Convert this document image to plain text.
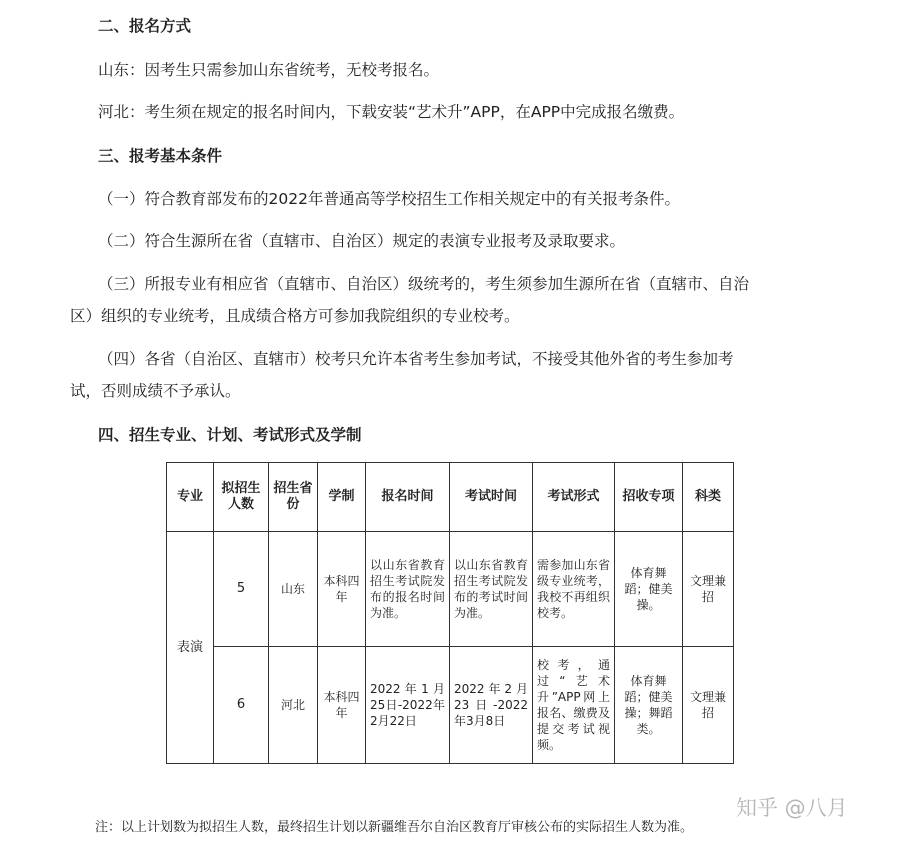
二、报名方式
山东：因考生只需参加山东省统考，无校考报名。
河北：考生须在规定的报名时间内，下载安装“艺术升”APP，在APP中完成报名缴费。
三、报考基本条件
（一）符合教育部发布的2022年普通高等学校招生工作相关规定中的有关报考条件。
（二）符合生源所在省（直辖市、自治区）规定的表演专业报考及录取要求。
（三）所报专业有相应省（直辖市、自治区）级统考的，考生须参加生源所在省（直辖市、自治
区）组织的专业统考，且成绩合格方可参加我院组织的专业校考。
（四）各省（自治区、直辖市）校考只允许本省考生参加考试，不接受其他外省的考生参加考
试，否则成绩不予承认。
四、招生专业、计划、考试形式及学制
专业	拟招生人数	招生省份	学制	报名时间	考试时间	考试形式	招收专项	科类
表演	5	山东	本科四年	以山东省教育招生考试院发布的报名时间为准。	以山东省教育招生考试院发布的考试时间为准。	需参加山东省级专业统考，我校不再组织校考。	体育舞蹈；健美操。	文理兼招
	6	河北	本科四年	2022年1月25日-2022年2月22日	2022年2月23日-2022年3月8日	校考，通过“艺术升”APP网上报名、缴费及提交考试视频。	体育舞蹈；健美操；舞蹈类。	文理兼招
知乎 @八月
注：以上计划数为拟招生人数，最终招生计划以新疆维吾尔自治区教育厅审核公布的实际招生人数为准。
